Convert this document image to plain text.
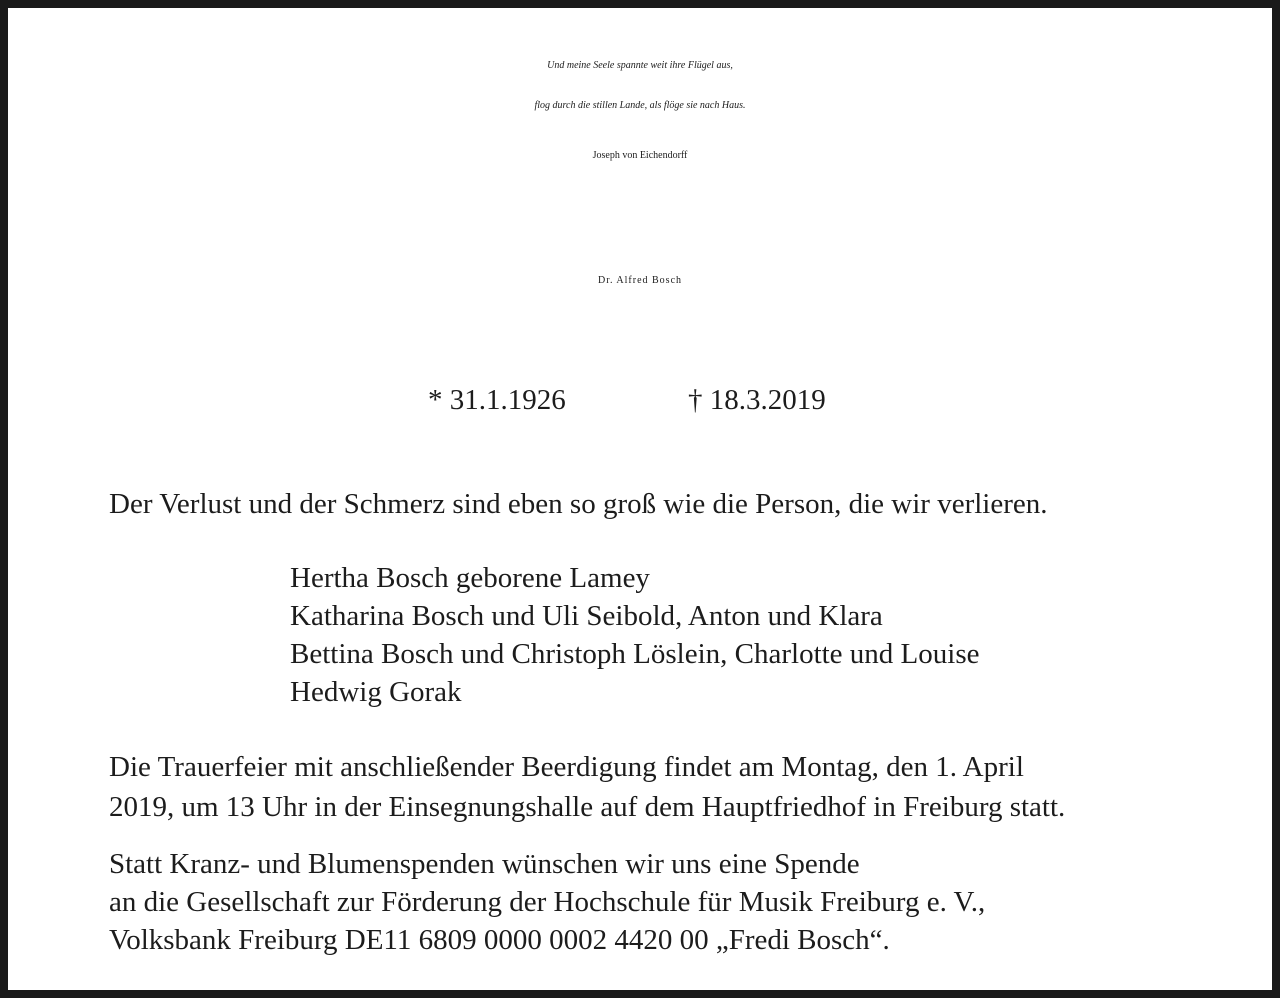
Und meine Seele spannte weit ihre Flügel aus,
flog durch die stillen Lande, als flöge sie nach Haus.
Joseph von Eichendorff
Dr. Alfred Bosch
* 31.1.1926	† 18.3.2019
Der Verlust und der Schmerz sind eben so groß wie die Person, die wir verlieren.
Hertha Bosch geborene Lamey
Katharina Bosch und Uli Seibold, Anton und Klara
Bettina Bosch und Christoph Löslein, Charlotte und Louise
Hedwig Gorak
Die Trauerfeier mit anschließender Beerdigung findet am Montag, den 1. April
2019, um 13 Uhr in der Einsegnungshalle auf dem Hauptfriedhof in Freiburg statt.
Statt Kranz- und Blumenspenden wünschen wir uns eine Spende
an die Gesellschaft zur Förderung der Hochschule für Musik Freiburg e. V.,
Volksbank Freiburg DE11 6809 0000 0002 4420 00 „Fredi Bosch“.
